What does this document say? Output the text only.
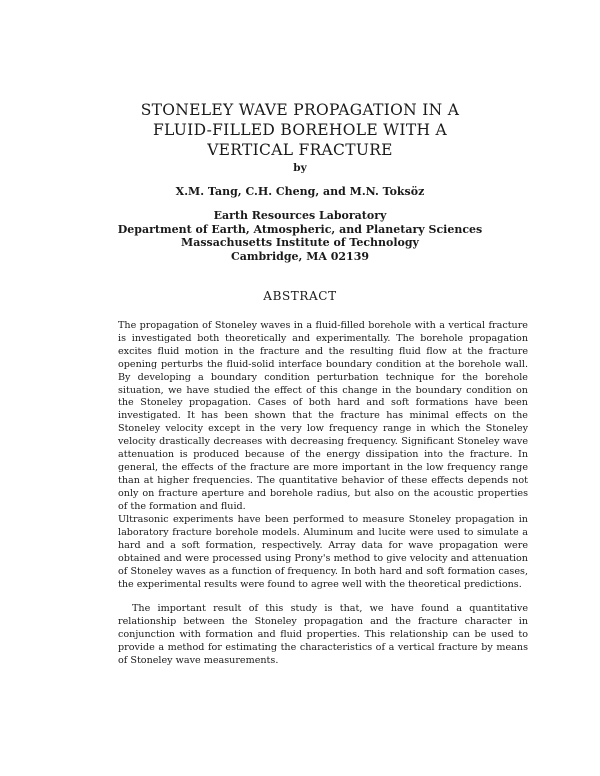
STONELEY WAVE PROPAGATION IN A
FLUID-FILLED BOREHOLE WITH A
VERTICAL FRACTURE
by
X.M. Tang, C.H. Cheng, and M.N. Toksöz
Earth Resources Laboratory
Department of Earth, Atmospheric, and Planetary Sciences
Massachusetts Institute of Technology
Cambridge, MA 02139
ABSTRACT

The propagation of Stoneley waves in a fluid-filled borehole with a vertical fracture is investigated both theoretically and experimentally. The borehole propagation excites fluid motion in the fracture and the resulting fluid flow at the fracture opening perturbs the fluid-solid interface boundary condition at the borehole wall. By developing a boundary condition perturbation technique for the borehole situation, we have studied the effect of this change in the boundary condition on the Stoneley propagation. Cases of both hard and soft formations have been investigated. It has been shown that the fracture has minimal effects on the Stoneley velocity except in the very low frequency range in which the Stoneley velocity drastically decreases with decreasing frequency. Significant Stoneley wave attenuation is produced because of the energy dissipation into the fracture. In general, the effects of the fracture are more important in the low frequency range than at higher frequencies. The quantitative behavior of these effects depends not only on fracture aperture and borehole radius, but also on the acoustic properties of the formation and fluid.

Ultrasonic experiments have been performed to measure Stoneley propagation in laboratory fracture borehole models. Aluminum and lucite were used to simulate a hard and a soft formation, respectively. Array data for wave propagation were obtained and were processed using Prony's method to give velocity and attenuation of Stoneley waves as a function of frequency. In both hard and soft formation cases, the experimental results were found to agree well with the theoretical predictions.

The important result of this study is that, we have found a quantitative relationship between the Stoneley propagation and the fracture character in conjunction with formation and fluid properties. This relationship can be used to provide a method for estimating the characteristics of a vertical fracture by means of Stoneley wave measurements.
